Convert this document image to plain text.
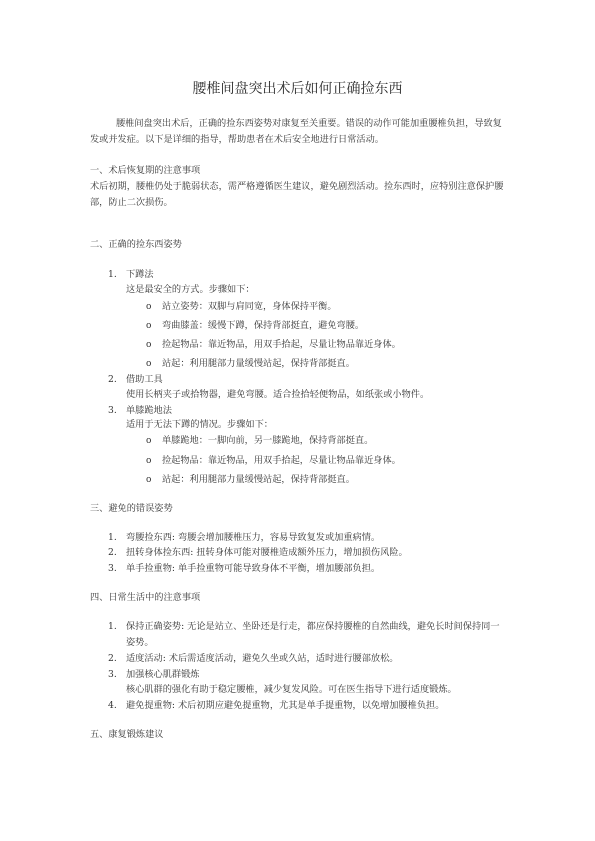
腰椎间盘突出术后如何正确捡东西

腰椎间盘突出术后，正确的捡东西姿势对康复至关重要。错误的动作可能加重腰椎负担，导致复发或并发症。以下是详细的指导，帮助患者在术后安全地进行日常活动。

一、术后恢复期的注意事项

术后初期，腰椎仍处于脆弱状态，需严格遵循医生建议，避免剧烈活动。捡东西时，应特别注意保护腰部，防止二次损伤。

二、正确的捡东西姿势
1. 下蹲法
这是最安全的方式。步骤如下：
o 站立姿势：双脚与肩同宽，身体保持平衡。
o 弯曲膝盖：缓慢下蹲，保持背部挺直，避免弯腰。
o 捡起物品：靠近物品，用双手拾起，尽量让物品靠近身体。
o 站起：利用腿部力量缓慢站起，保持背部挺直。
2. 借助工具
使用长柄夹子或拾物器，避免弯腰。适合捡拾轻便物品，如纸张或小物件。
3. 单膝跪地法
适用于无法下蹲的情况。步骤如下：
o 单膝跪地：一脚向前，另一膝跪地，保持背部挺直。
o 捡起物品：靠近物品，用双手拾起，尽量让物品靠近身体。
o 站起：利用腿部力量缓慢站起，保持背部挺直。
三、避免的错误姿势
1. 弯腰捡东西: 弯腰会增加腰椎压力，容易导致复发或加重病情。
2. 扭转身体捡东西: 扭转身体可能对腰椎造成额外压力，增加损伤风险。
3. 单手捡重物: 单手捡重物可能导致身体不平衡，增加腰部负担。
四、日常生活中的注意事项
1. 保持正确姿势: 无论是站立、坐卧还是行走，都应保持腰椎的自然曲线，避免长时间保持同一姿势。
2. 适度活动: 术后需适度活动，避免久坐或久站，适时进行腰部放松。
3. 加强核心肌群锻炼
核心肌群的强化有助于稳定腰椎，减少复发风险。可在医生指导下进行适度锻炼。
4. 避免提重物: 术后初期应避免提重物，尤其是单手提重物，以免增加腰椎负担。
五、康复锻炼建议
